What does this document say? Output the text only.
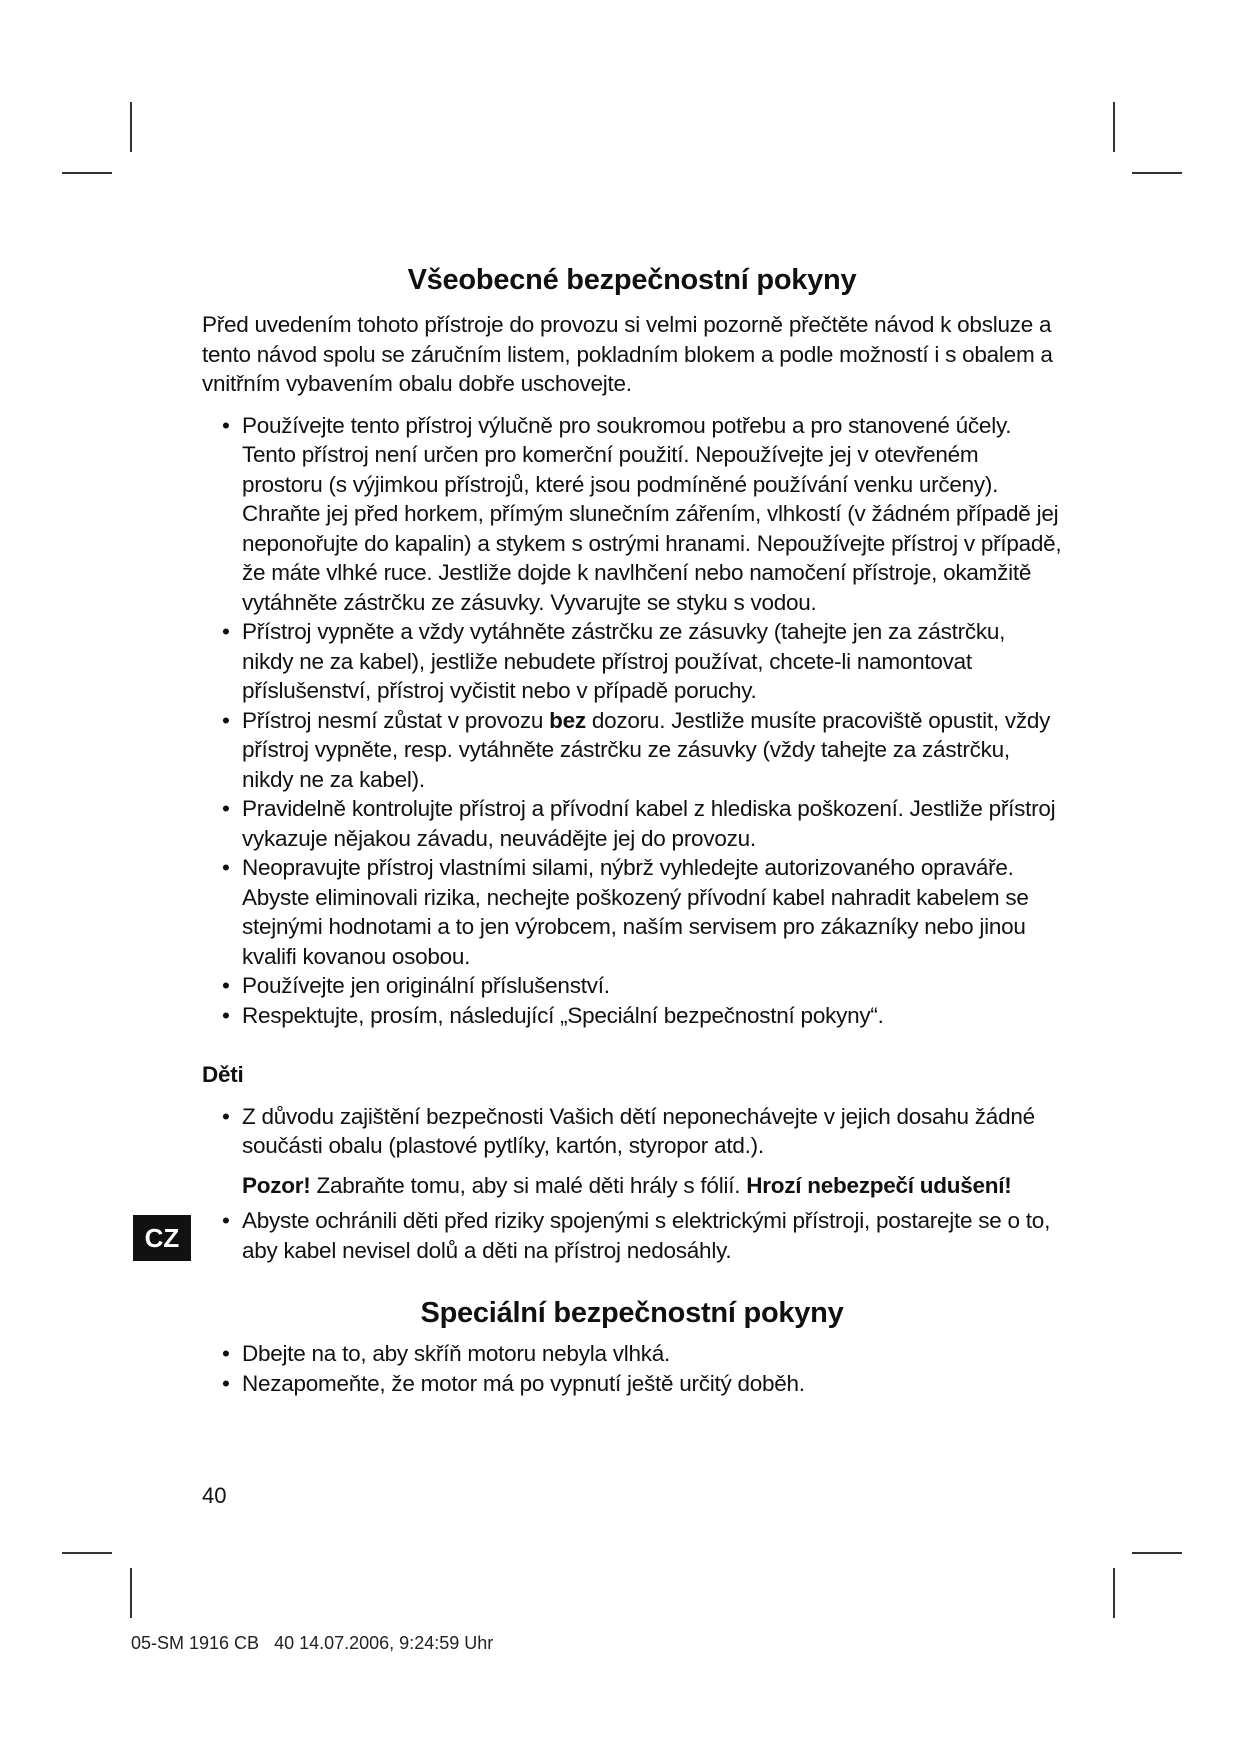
Všeobecné bezpečnostní pokyny

Před uvedením tohoto přístroje do provozu si velmi pozorně přečtěte návod k obsluze a tento návod spolu se záručním listem, pokladním blokem a podle možností i s obalem a vnitřním vybavením obalu dobře uschovejte.

• Používejte tento přístroj výlučně pro soukromou potřebu a pro stanovené účely. Tento přístroj není určen pro komerční použití. Nepoužívejte jej v otevřeném prostoru (s výjimkou přístrojů, které jsou podmíněné používání venku určeny). Chraňte jej před horkem, přímým slunečním zářením, vlhkostí (v žádném případě jej neponořujte do kapalin) a stykem s ostrými hranami. Nepoužívejte přístroj v případě, že máte vlhké ruce. Jestliže dojde k navlhčení nebo namočení přístroje, okamžitě vytáhněte zástrčku ze zásuvky. Vyvarujte se styku s vodou.
• Přístroj vypněte a vždy vytáhněte zástrčku ze zásuvky (tahejte jen za zástrčku, nikdy ne za kabel), jestliže nebudete přístroj používat, chcete-li namontovat příslušenství, přístroj vyčistit nebo v případě poruchy.
• Přístroj nesmí zůstat v provozu bez dozoru. Jestliže musíte pracoviště opustit, vždy přístroj vypněte, resp. vytáhněte zástrčku ze zásuvky (vždy tahejte za zástrčku, nikdy ne za kabel).
• Pravidelně kontrolujte přístroj a přívodní kabel z hlediska poškození. Jestliže přístroj vykazuje nějakou závadu, neuvádějte jej do provozu.
• Neopravujte přístroj vlastními silami, nýbrž vyhledejte autorizovaného opraváře. Abyste eliminovali rizika, nechejte poškozený přívodní kabel nahradit kabelem se stejnými hodnotami a to jen výrobcem, naším servisem pro zákazníky nebo jinou kvalifi kovanou osobou.
• Používejte jen originální příslušenství.
• Respektujte, prosím, následující „Speciální bezpečnostní pokyny“.

Děti

• Z důvodu zajištění bezpečnosti Vašich dětí neponechávejte v jejich dosahu žádné součásti obalu (plastové pytlíky, kartón, styropor atd.).

Pozor! Zabraňte tomu, aby si malé děti hrály s fólií. Hrozí nebezpečí udušení!

• Abyste ochránili děti před riziky spojenými s elektrickými přístroji, postarejte se o to, aby kabel nevisel dolů a děti na přístroj nedosáhly.
Speciální bezpečnostní pokyny
• Dbejte na to, aby skříň motoru nebyla vlhká.
• Nezapomeňte, že motor má po vypnutí ještě určitý doběh.
CZ
40
05-SM 1916 CB   40 14.07.2006, 9:24:59 Uhr
